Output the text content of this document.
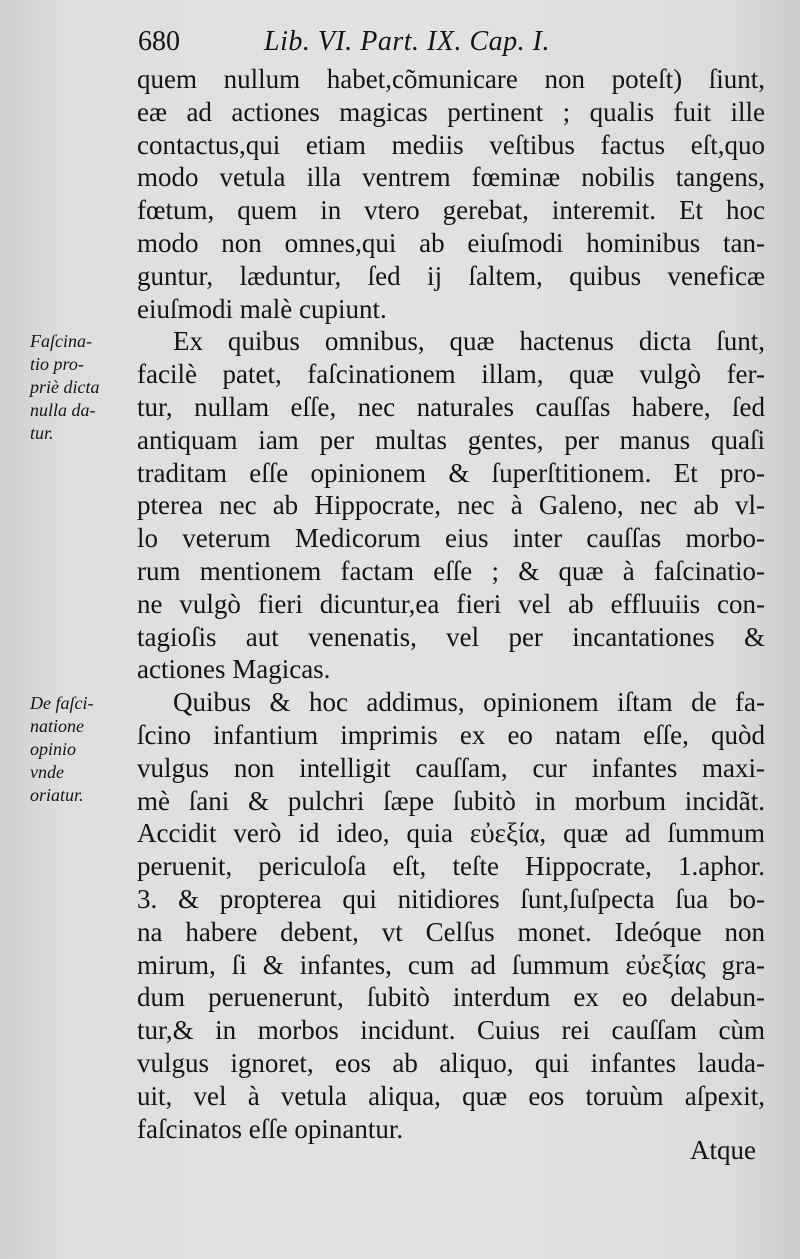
680	Lib. VI. Part. IX. Cap. I.
quem nullum habet,cõmunicare non poteſt) ſiunt,
eæ ad actiones magicas pertinent ; qualis fuit ille
contactus,qui etiam mediis veſtibus factus eſt,quo
modo vetula illa ventrem fœminæ nobilis tangens,
fœtum, quem in vtero gerebat, interemit. Et hoc
modo non omnes,qui ab eiuſmodi hominibus tan-
guntur, læduntur, ſed ij ſaltem, quibus veneficæ
eiuſmodi malè cupiunt.
Ex quibus omnibus, quæ hactenus dicta ſunt,
facilè patet, faſcinationem illam, quæ vulgò fer-
tur, nullam eſſe, nec naturales cauſſas habere, ſed
antiquam iam per multas gentes, per manus quaſi
traditam eſſe opinionem & ſuperſtitionem. Et pro-
pterea nec ab Hippocrate, nec à Galeno, nec ab vl-
lo veterum Medicorum eius inter cauſſas morbo-
rum mentionem factam eſſe ; & quæ à faſcinatio-
ne vulgò fieri dicuntur,ea fieri vel ab effluuiis con-
tagioſis aut venenatis, vel per incantationes &
actiones Magicas.
Quibus & hoc addimus, opinionem iſtam de fa-
ſcino infantium imprimis ex eo natam eſſe, quòd
vulgus non intelligit cauſſam, cur infantes maxi-
mè ſani & pulchri ſæpe ſubitò in morbum incidãt.
Accidit verò id ideo, quia εὐεξία, quæ ad ſummum
peruenit, periculoſa eſt, teſte Hippocrate, 1.aphor.
3. & propterea qui nitidiores ſunt,ſuſpecta ſua bo-
na habere debent, vt Celſus monet. Ideóque non
mirum, ſi & infantes, cum ad ſummum εὐεξίας gra-
dum peruenerunt, ſubitò interdum ex eo delabun-
tur,& in morbos incidunt. Cuius rei cauſſam cùm
vulgus ignoret, eos ab aliquo, qui infantes lauda-
uit, vel à vetula aliqua, quæ eos toruùm aſpexit,
faſcinatos eſſe opinantur.
Faſcina-
tio pro-
priè dicta
nulla da-
tur.
De faſci-
natione
opinio
vnde
oriatur.
Atque
